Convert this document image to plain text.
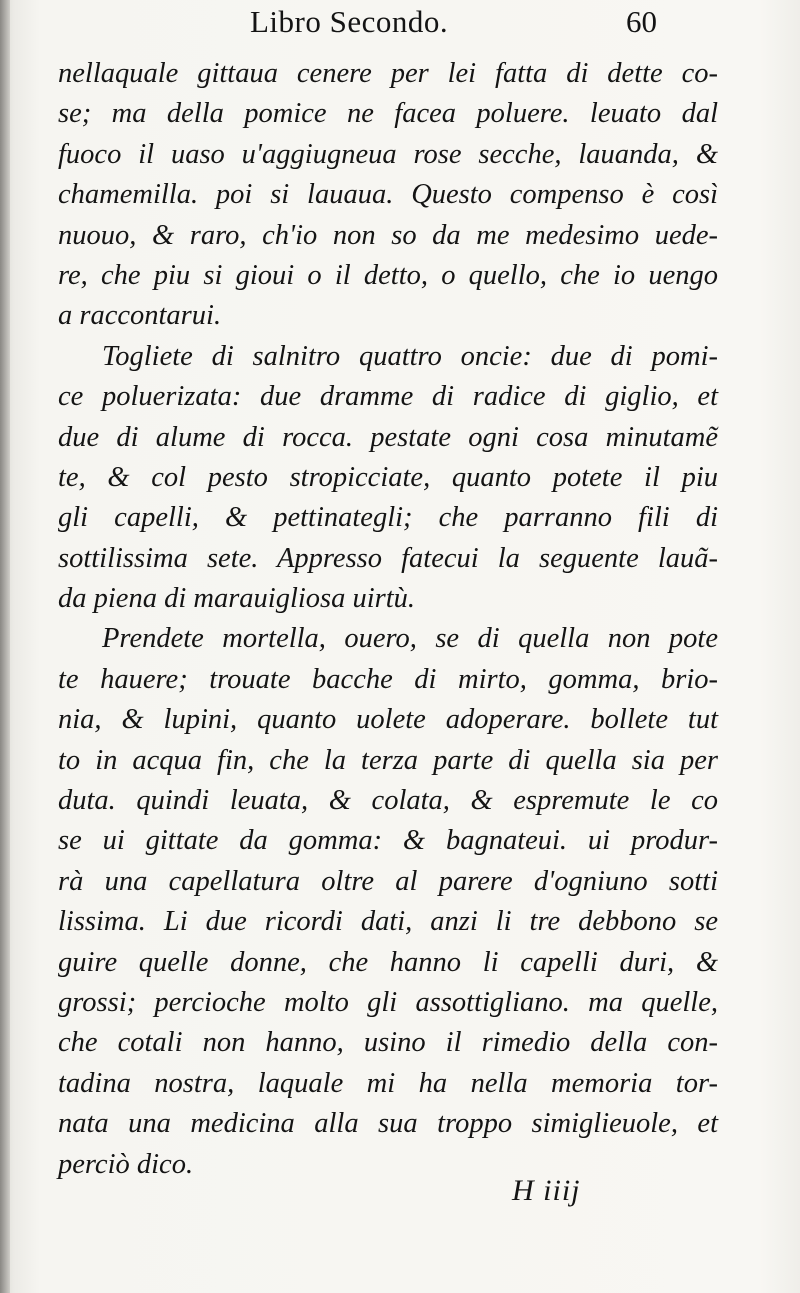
Libro Secondo.	60
nellaquale gittaua cenere per lei fatta di dette co-
se; ma della pomice ne facea poluere. leuato dal
fuoco il uaso u'aggiugneua rose secche, lauanda, &
chamemilla. poi si lauaua. Questo compenso è così
nuouo, & raro, ch'io non so da me medesimo uede-
re, che piu si gioui o il detto, o quello, che io uengo
a raccontarui.
Togliete di salnitro quattro oncie: due di pomi-
ce poluerizata: due dramme di radice di giglio, et
due di alume di rocca. pestate ogni cosa minutamẽ
te, & col pesto stropicciate, quanto potete il piu
gli capelli, & pettinategli; che parranno fili di
sottilissima sete. Appresso fatecui la seguente lauã-
da piena di marauigliosa uirtù.
Prendete mortella, ouero, se di quella non pote
te hauere; trouate bacche di mirto, gomma, brio-
nia, & lupini, quanto uolete adoperare. bollete tut
to in acqua fin, che la terza parte di quella sia per
duta. quindi leuata, & colata, & espremute le co
se ui gittate da gomma: & bagnateui. ui produr-
rà una capellatura oltre al parere d'ogniuno sotti
lissima. Li due ricordi dati, anzi li tre debbono se
guire quelle donne, che hanno li capelli duri, &
grossi; percioche molto gli assottigliano. ma quelle,
che cotali non hanno, usino il rimedio della con-
tadina nostra, laquale mi ha nella memoria tor-
nata una medicina alla sua troppo simiglieuole, et
perciò dico.
H iiij
